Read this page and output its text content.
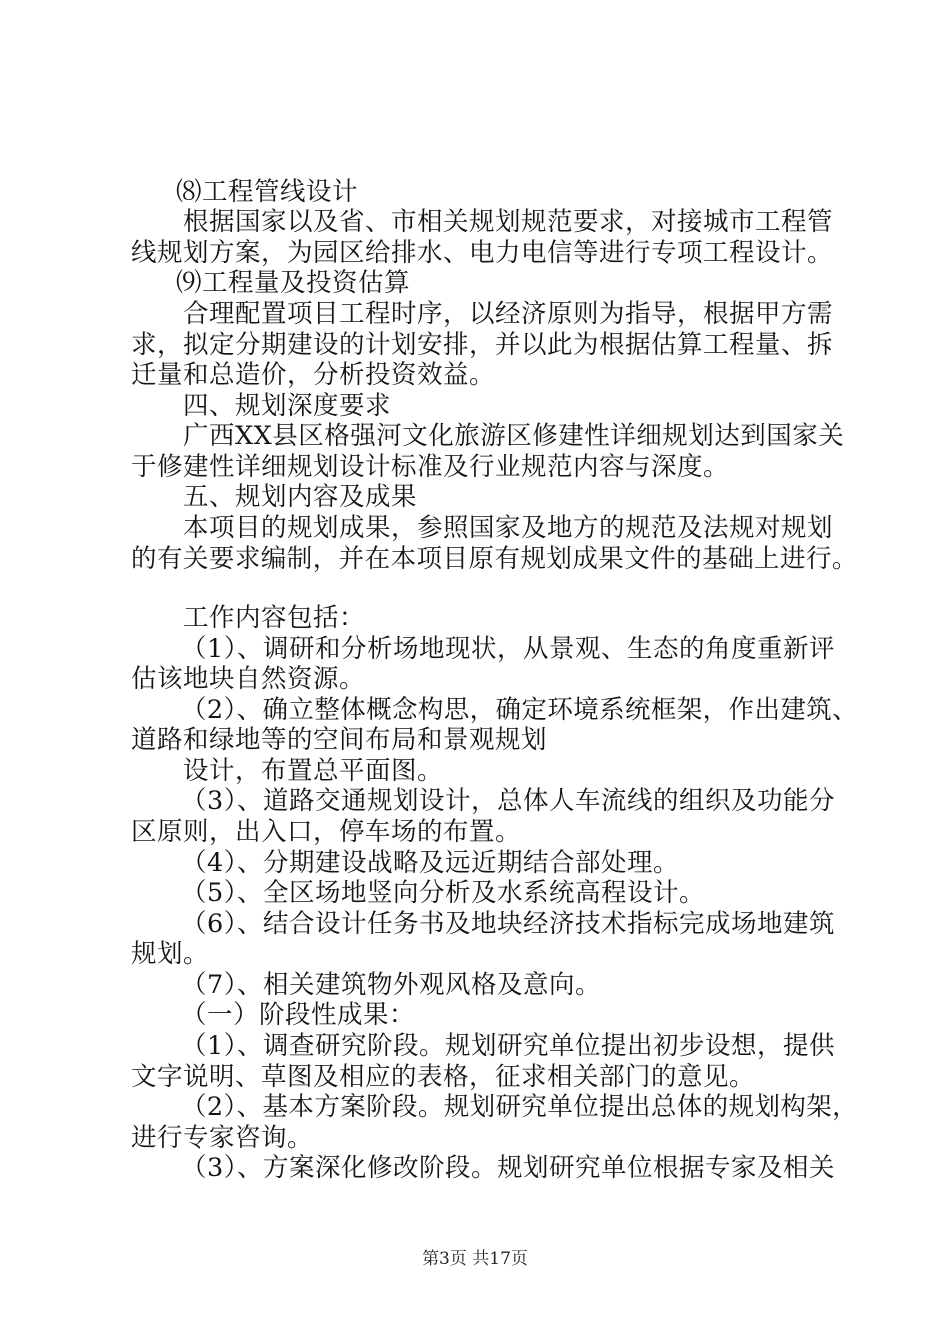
⑻工程管线设计
根据国家以及省、市相关规划规范要求，对接城市工程管
线规划方案，为园区给排水、电力电信等进行专项工程设计。
⑼工程量及投资估算
合理配置项目工程时序，以经济原则为指导，根据甲方需
求，拟定分期建设的计划安排，并以此为根据估算工程量、拆
迁量和总造价，分析投资效益。
四、规划深度要求
广西XX县区格强河文化旅游区修建性详细规划达到国家关
于修建性详细规划设计标准及行业规范内容与深度。
五、规划内容及成果
本项目的规划成果，参照国家及地方的规范及法规对规划
的有关要求编制，并在本项目原有规划成果文件的基础上进行。
工作内容包括：
（1）、调研和分析场地现状，从景观、生态的角度重新评
估该地块自然资源。
（2）、确立整体概念构思，确定环境系统框架，作出建筑、
道路和绿地等的空间布局和景观规划
设计，布置总平面图。
（3）、道路交通规划设计，总体人车流线的组织及功能分
区原则，出入口，停车场的布置。
（4）、分期建设战略及远近期结合部处理。
（5）、全区场地竖向分析及水系统高程设计。
（6）、结合设计任务书及地块经济技术指标完成场地建筑
规划。
（7）、相关建筑物外观风格及意向。
（一）阶段性成果：
（1）、调查研究阶段。规划研究单位提出初步设想，提供
文字说明、草图及相应的表格，征求相关部门的意见。
（2）、基本方案阶段。规划研究单位提出总体的规划构架，
进行专家咨询。
（3）、方案深化修改阶段。规划研究单位根据专家及相关
第3页 共17页
